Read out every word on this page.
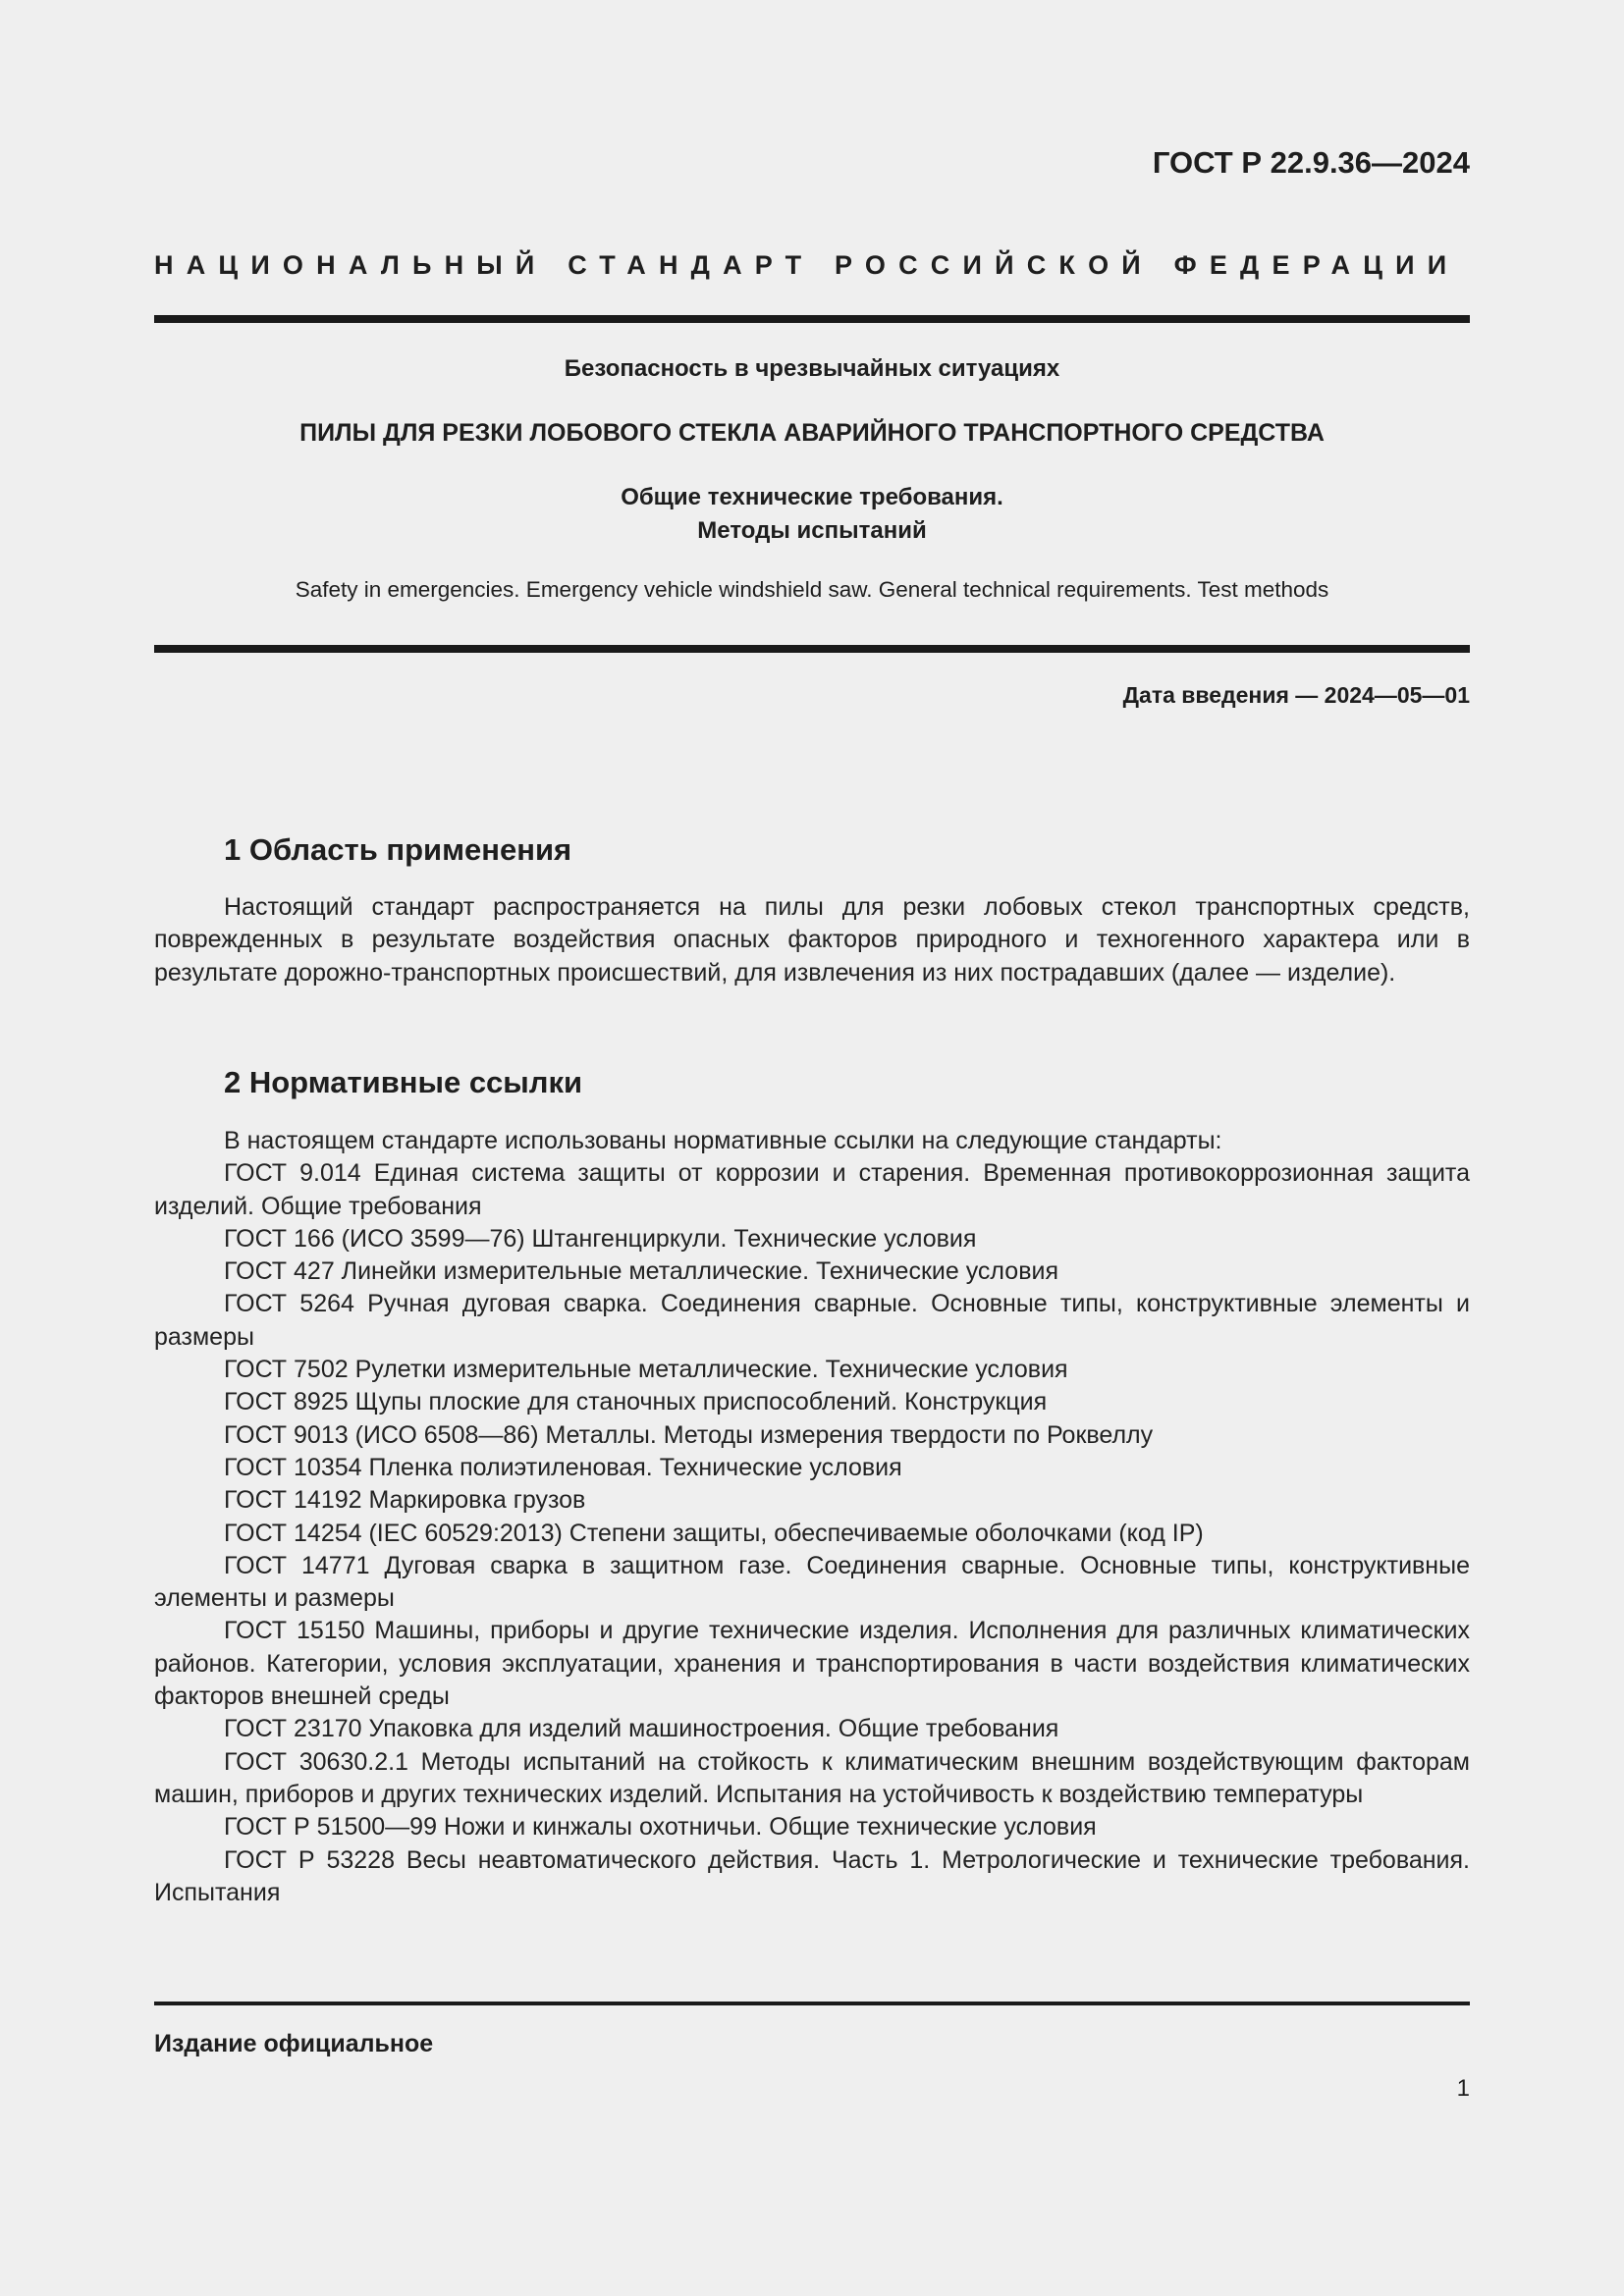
ГОСТ Р 22.9.36—2024
НАЦИОНАЛЬНЫЙ СТАНДАРТ РОССИЙСКОЙ ФЕДЕРАЦИИ
Безопасность в чрезвычайных ситуациях
ПИЛЫ ДЛЯ РЕЗКИ ЛОБОВОГО СТЕКЛА АВАРИЙНОГО ТРАНСПОРТНОГО СРЕДСТВА
Общие технические требования.
Методы испытаний
Safety in emergencies. Emergency vehicle windshield saw. General technical requirements. Test methods
Дата введения — 2024—05—01
1 Область применения

Настоящий стандарт распространяется на пилы для резки лобовых стекол транспортных средств, поврежденных в результате воздействия опасных факторов природного и техногенного характера или в результате дорожно-транспортных происшествий, для извлечения из них пострадавших (далее — изделие).

2 Нормативные ссылки

В настоящем стандарте использованы нормативные ссылки на следующие стандарты:

ГОСТ 9.014 Единая система защиты от коррозии и старения. Временная противокоррозионная защита изделий. Общие требования

ГОСТ 166 (ИСО 3599—76) Штангенциркули. Технические условия

ГОСТ 427 Линейки измерительные металлические. Технические условия

ГОСТ 5264 Ручная дуговая сварка. Соединения сварные. Основные типы, конструктивные элементы и размеры

ГОСТ 7502 Рулетки измерительные металлические. Технические условия

ГОСТ 8925 Щупы плоские для станочных приспособлений. Конструкция

ГОСТ 9013 (ИСО 6508—86) Металлы. Методы измерения твердости по Роквеллу

ГОСТ 10354 Пленка полиэтиленовая. Технические условия

ГОСТ 14192 Маркировка грузов

ГОСТ 14254 (IEC 60529:2013) Степени защиты, обеспечиваемые оболочками (код IP)

ГОСТ 14771 Дуговая сварка в защитном газе. Соединения сварные. Основные типы, конструктивные элементы и размеры

ГОСТ 15150 Машины, приборы и другие технические изделия. Исполнения для различных климатических районов. Категории, условия эксплуатации, хранения и транспортирования в части воздействия климатических факторов внешней среды

ГОСТ 23170 Упаковка для изделий машиностроения. Общие требования

ГОСТ 30630.2.1 Методы испытаний на стойкость к климатическим внешним воздействующим факторам машин, приборов и других технических изделий. Испытания на устойчивость к воздействию температуры

ГОСТ Р 51500—99 Ножи и кинжалы охотничьи. Общие технические условия

ГОСТ Р 53228 Весы неавтоматического действия. Часть 1. Метрологические и технические требования. Испытания

Издание официальное
1
